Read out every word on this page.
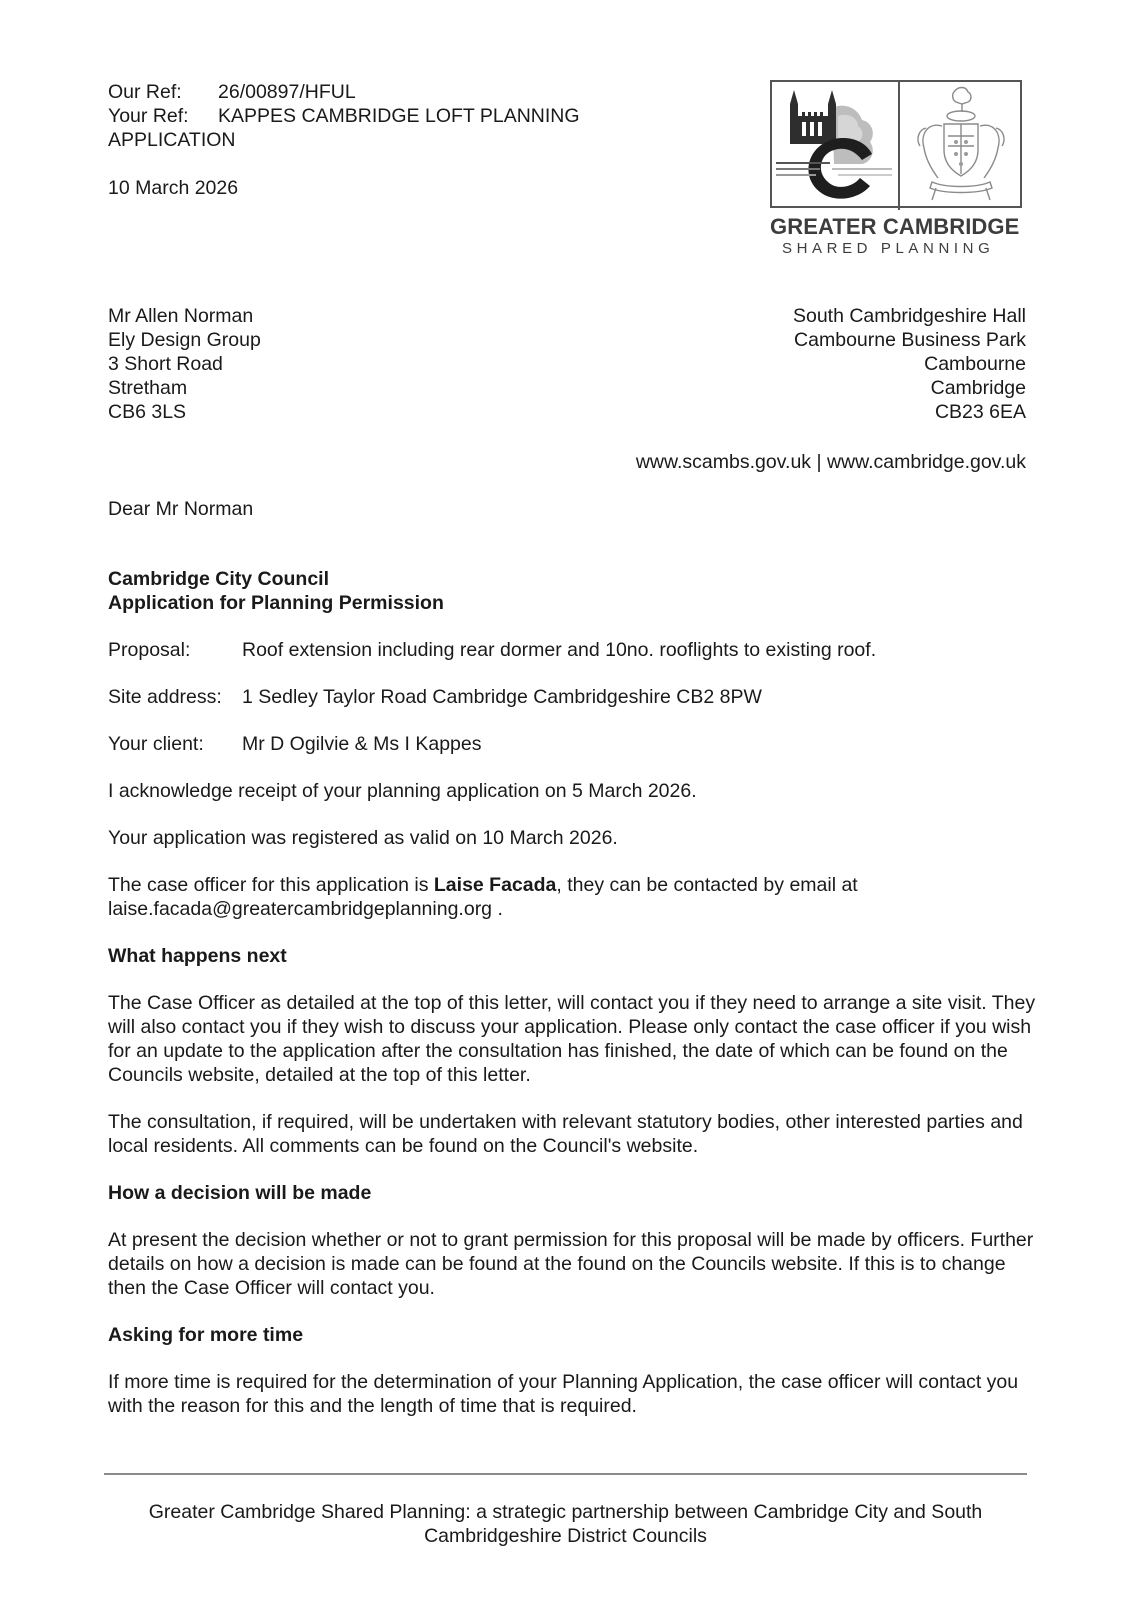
Our Ref:	26/00897/HFUL
Your Ref:	KAPPES CAMBRIDGE LOFT PLANNING

APPLICATION

10 March 2026

GREATER CAMBRIDGE
SHARED PLANNING

Mr Allen Norman

Ely Design Group

3 Short Road

Stretham

CB6 3LS

South Cambridgeshire Hall

Cambourne Business Park

Cambourne

Cambridge

CB23 6EA

www.scambs.gov.uk | www.cambridge.gov.uk
Dear Mr Norman

Cambridge City Council

Application for Planning Permission

Proposal:	Roof extension including rear dormer and 10no. rooflights to existing roof.
Site address:	1 Sedley Taylor Road Cambridge Cambridgeshire CB2 8PW
Your client:	Mr D Ogilvie & Ms I Kappes

I acknowledge receipt of your planning application on 5 March 2026.

Your application was registered as valid on 10 March 2026.

The case officer for this application is Laise Facada, they can be contacted by email at
laise.facada@greatercambridgeplanning.org .

What happens next

The Case Officer as detailed at the top of this letter, will contact you if they need to arrange a site visit. They will also contact you if they wish to discuss your application. Please only contact the case officer if you wish for an update to the application after the consultation has finished, the date of which can be found on the Councils website, detailed at the top of this letter.

The consultation, if required, will be undertaken with relevant statutory bodies, other interested parties and local residents. All comments can be found on the Council's website.

How a decision will be made

At present the decision whether or not to grant permission for this proposal will be made by officers. Further details on how a decision is made can be found at the found on the Councils website. If this is to change then the Case Officer will contact you.

Asking for more time

If more time is required for the determination of your Planning Application, the case officer will contact you with the reason for this and the length of time that is required.

Greater Cambridge Shared Planning: a strategic partnership between Cambridge City and South Cambridgeshire District Councils
